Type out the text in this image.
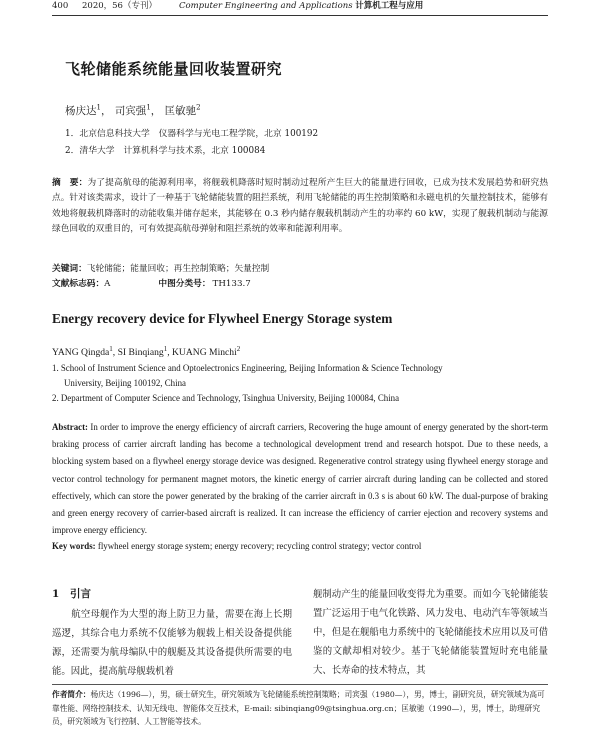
400 2020，56（专刊）	Computer Engineering and Applications 计算机工程与应用
飞轮储能系统能量回收装置研究
杨庆达$^1$， 司宾强$^1$， 匡敏驰$^2$
1．北京信息科技大学　仪器科学与光电工程学院，北京 100192
2．清华大学　计算机科学与技术系，北京 100084
摘　要：为了提高航母的能源利用率，将舰载机降落时短时制动过程所产生巨大的能量进行回收，已成为技术发展趋势和研究热点。针对该类需求，设计了一种基于飞轮储能装置的阻拦系统，利用飞轮储能的再生控制策略和永磁电机的矢量控制技术，能够有效地将舰载机降落时的动能收集并储存起来，其能够在 0.3 秒内储存舰载机制动产生的功率约 60 kW，实现了舰载机制动与能源绿色回收的双重目的，可有效提高航母弹射和阻拦系统的效率和能源利用率。
关键词：飞轮储能；能量回收；再生控制策略；矢量控制
文献标志码：A	中图分类号： TH133.7
Energy recovery device for Flywheel Energy Storage system
YANG Qingda$^1$, SI Binqiang$^1$, KUANG Minchi$^2$
1. School of Instrument Science and Optoelectronics Engineering, Beijing Information & Science Technology
University, Beijing 100192, China
2. Department of Computer Science and Technology, Tsinghua University, Beijing 100084, China
Abstract: In order to improve the energy efficiency of aircraft carriers, Recovering the huge amount of energy generated by the short-term braking process of carrier aircraft landing has become a technological development trend and research hotspot. Due to these needs, a blocking system based on a flywheel energy storage device was designed. Regenerative control strategy using flywheel energy storage and vector control technology for permanent magnet motors, the kinetic energy of carrier aircraft during landing can be collected and stored effectively, which can store the power generated by the braking of the carrier aircraft in 0.3 s is about 60 kW. The dual-purpose of braking and green energy recovery of carrier-based aircraft is realized. It can increase the efficiency of carrier ejection and recovery systems and improve energy efficiency.
Key words: flywheel energy storage system; energy recovery; recycling control strategy; vector control
1 引言
航空母舰作为大型的海上防卫力量，需要在海上长期巡逻，其综合电力系统不仅能够为舰载上相关设备提供能源，还需要为航母编队中的舰艇及其设备提供所需要的电能。因此，提高航母舰载机着
舰制动产生的能量回收变得尤为重要。而如今飞轮储能装置广泛运用于电气化铁路、风力发电、电动汽车等领域当中，但是在舰船电力系统中的飞轮储能技术应用以及可借鉴的文献却相对较少。基于飞轮储能装置短时充电能量大、长寿命的技术特点，其
作者简介：杨庆达（1996—），男，硕士研究生，研究领域为飞轮储能系统控制策略；司宾强（1980—），男，博士，副研究员，研究领域为高可靠性能、网络控制技术、认知无线电、智能体交互技术，E-mail: sibinqiang09@tsinghua.org.cn；匡敏驰（1990—），男，博士，助理研究员，研究领域为飞行控制、人工智能等技术。
